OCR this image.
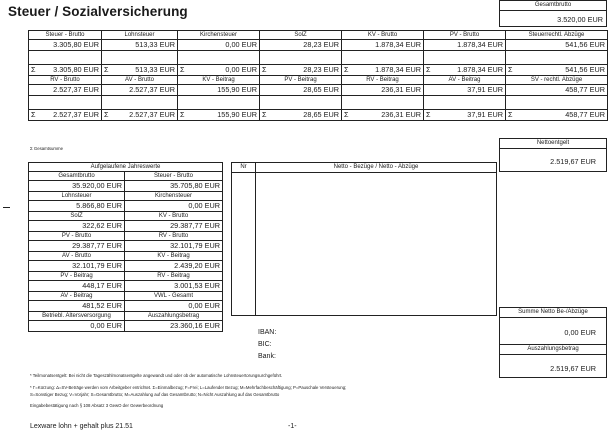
Steuer / Sozialversicherung	Gesamtbrutto
3.520,00 EUR
Steuer - Brutto	Lohnsteuer	Kirchensteuer	SolZ	KV - Brutto	PV - Brutto	Steuerrechtl. Abzüge
3.305,80 EUR	513,33 EUR	0,00 EUR	28,23 EUR	1.878,34 EUR	1.878,34 EUR	541,56 EUR

Σ 3.305,80 EUR	Σ 513,33 EUR	Σ 0,00 EUR	Σ 28,23 EUR	Σ 1.878,34 EUR	Σ 1.878,34 EUR	Σ 541,56 EUR
RV - Brutto	AV - Brutto	KV - Beitrag	PV - Beitrag	RV - Beitrag	AV - Beitrag	SV - rechtl. Abzüge
2.527,37 EUR	2.527,37 EUR	155,90 EUR	28,65 EUR	236,31 EUR	37,91 EUR	458,77 EUR

Σ 2.527,37 EUR	Σ 2.527,37 EUR	Σ 155,90 EUR	Σ 28,65 EUR	Σ 236,31 EUR	Σ 37,91 EUR	Σ 458,77 EUR
Σ Gesamtsumme
Nettoentgelt
2.519,67 EUR
Aufgelaufene Jahreswerte	
Gesamtbrutto	Steuer - Brutto
35.920,00 EUR	35.705,80 EUR
Lohnsteuer	Kirchensteuer
5.866,80 EUR	0,00 EUR
SolZ	KV - Brutto
322,62 EUR	29.387,77 EUR
PV - Brutto	RV - Brutto
29.387,77 EUR	32.101,79 EUR
AV - Brutto	KV - Beitrag
32.101,79 EUR	2.439,20 EUR
PV - Beitrag	RV - Beitrag
448,17 EUR	3.001,53 EUR
AV - Beitrag	VWL - Gesamt
481,52 EUR	0,00 EUR
Betriebl. Altersversorgung	Auszahlungsbetrag
0,00 EUR	23.360,16 EUR
Nr	Netto - Bezüge / Netto - Abzüge
Summe Netto Be-/Abzüge
0,00 EUR
Auszahlungsbetrag
2.519,67 EUR
IBAN:
BIC:
Bank:
* Teilmonatsentgelt: Bei nicht die Tageszählmonatsentgelte angewandt und oder ob der automatische Lohnsteuertorungsurchgeführt.
* Γ=Kürzung: Δ=SV-Beträge werden vom Arbeitgeber entrichtet. Σ=Einmalbezug; F=Frei; L=Laufender Bezug; M=Mehrfachbeschäftigung; P=Pauschale Versteuerung;
S=Sonstiger Bezug; V=Vorjahr; S=Gesamtbrutto; M=Auszahlung auf das Gesamtbrutto; N=Nicht Auszahlung auf das Gesamtbrutto
Eingabebestätigung nach § 108 Absatz 3 GewO der Gewerbeordnung
Lexware lohn + gehalt plus 21.51	-1-
